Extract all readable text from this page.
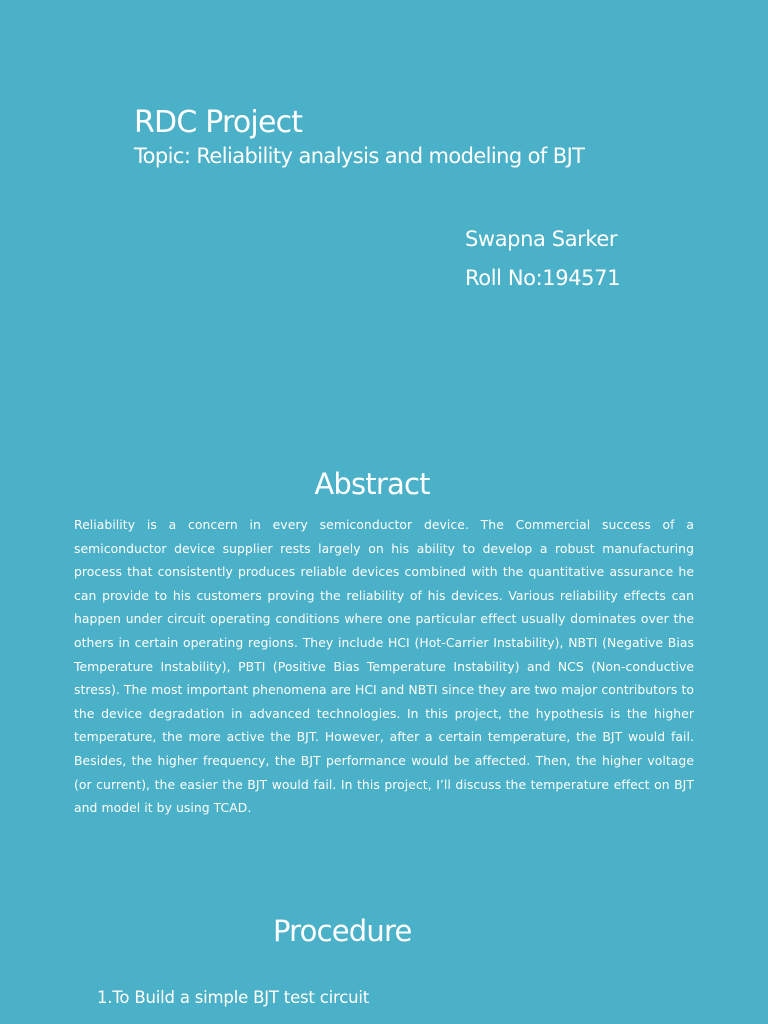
RDC Project
Topic: Reliability analysis and modeling of BJT
Swapna Sarker
Roll No:194571
Abstract

Reliability is a concern in every semiconductor device. The Commercial success of a semiconductor device supplier rests largely on his ability to develop a robust manufacturing process that consistently produces reliable devices combined with the quantitative assurance he can provide to his customers proving the reliability of his devices. Various reliability effects can happen under circuit operating conditions where one particular effect usually dominates over the others in certain operating regions. They include HCI (Hot-Carrier Instability), NBTI (Negative Bias Temperature Instability), PBTI (Positive Bias Temperature Instability) and NCS (Non-conductive stress). The most important phenomena are HCI and NBTI since they are two major contributors to the device degradation in advanced technologies. In this project, the hypothesis is the higher temperature, the more active the BJT. However, after a certain temperature, the BJT would fail. Besides, the higher frequency, the BJT performance would be affected. Then, the higher voltage (or current), the easier the BJT would fail. In this project, I’ll discuss the temperature effect on BJT and model it by using TCAD.

Procedure
1.To Build a simple BJT test circuit
